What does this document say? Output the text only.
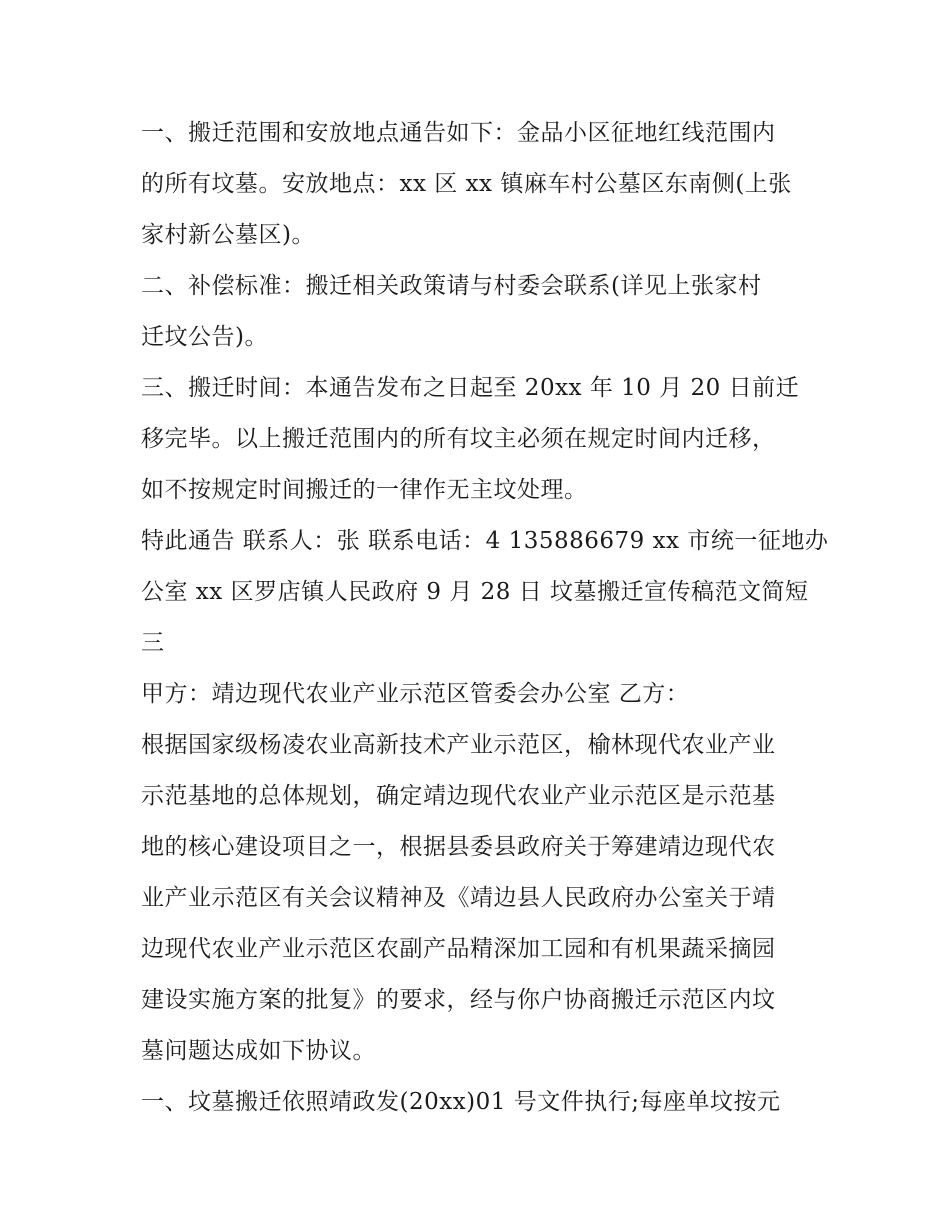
一、搬迁范围和安放地点通告如下：金品小区征地红线范围内
的所有坟墓。安放地点：xx 区 xx 镇麻车村公墓区东南侧(上张
家村新公墓区)。
二、补偿标准：搬迁相关政策请与村委会联系(详见上张家村
迁坟公告)。
三、搬迁时间：本通告发布之日起至 20xx 年 10 月 20 日前迁
移完毕。以上搬迁范围内的所有坟主必须在规定时间内迁移，
如不按规定时间搬迁的一律作无主坟处理。
特此通告 联系人：张 联系电话：4 135886679 xx 市统一征地办
公室 xx 区罗店镇人民政府 9 月 28 日 坟墓搬迁宣传稿范文简短
三
甲方：靖边现代农业产业示范区管委会办公室 乙方：
根据国家级杨凌农业高新技术产业示范区，榆林现代农业产业
示范基地的总体规划，确定靖边现代农业产业示范区是示范基
地的核心建设项目之一，根据县委县政府关于筹建靖边现代农
业产业示范区有关会议精神及《靖边县人民政府办公室关于靖
边现代农业产业示范区农副产品精深加工园和有机果蔬采摘园
建设实施方案的批复》的要求，经与你户协商搬迁示范区内坟
墓问题达成如下协议。
一、坟墓搬迁依照靖政发(20xx)01 号文件执行;每座单坟按元
